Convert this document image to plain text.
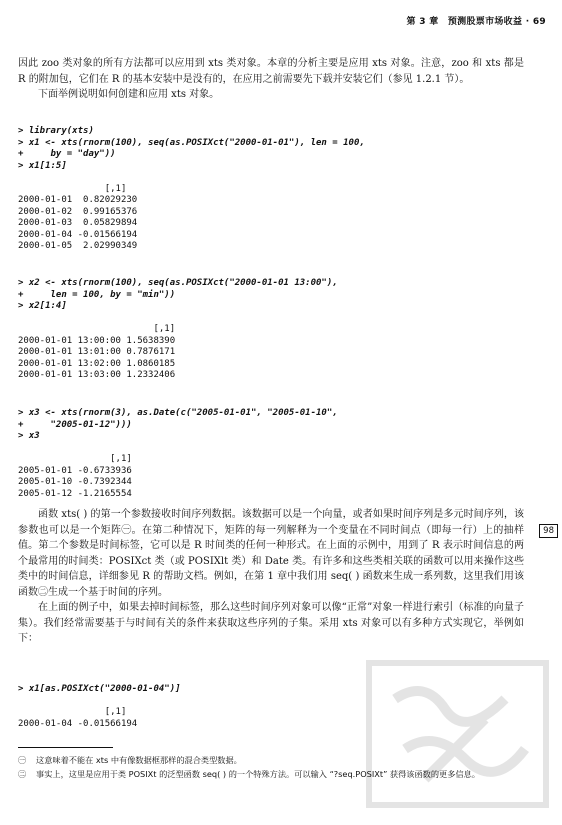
第 3 章　预测股票市场收益 · 69

因此 zoo 类对象的所有方法都可以应用到 xts 类对象。本章的分析主要是应用 xts 对象。注意，zoo 和 xts 都是 R 的附加包，它们在 R 的基本安装中是没有的，在应用之前需要先下载并安装它们（参见 1.2.1 节）。

下面举例说明如何创建和应用 xts 对象。

> library(xts)
> x1 <- xts(rnorm(100), seq(as.POSIXct("2000-01-01"), len = 100,
+     by = "day"))
> x1[1:5]

[,1]
2000-01-01  0.82029230
2000-01-02  0.99165376
2000-01-03  0.05829894
2000-01-04 -0.01566194
2000-01-05  2.02990349
> x2 <- xts(rnorm(100), seq(as.POSIXct("2000-01-01 13:00"),
+     len = 100, by = "min"))
> x2[1:4]

[,1]
2000-01-01 13:00:00 1.5638390
2000-01-01 13:01:00 0.7876171
2000-01-01 13:02:00 1.0860185
2000-01-01 13:03:00 1.2332406
> x3 <- xts(rnorm(3), as.Date(c("2005-01-01", "2005-01-10",
+     "2005-01-12")))
> x3

[,1]
2005-01-01 -0.6733936
2005-01-10 -0.7392344
2005-01-12 -1.2165554

函数 xts( ) 的第一个参数接收时间序列数据。该数据可以是一个向量，或者如果时间序列是多元时间序列，该参数也可以是一个矩阵㊀。在第二种情况下，矩阵的每一列解释为一个变量在不同时间点（即每一行）上的抽样值。第二个参数是时间标签，它可以是 R 时间类的任何一种形式。在上面的示例中，用到了 R 表示时间信息的两个最常用的时间类：POSIXct 类（或 POSIXlt 类）和 Date 类。有许多和这些类相关联的函数可以用来操作这些类中的时间信息，详细参见 R 的帮助文档。例如，在第 1 章中我们用 seq( ) 函数来生成一系列数，这里我们用该函数㊁生成一个基于时间的序列。

在上面的例子中，如果去掉时间标签，那么这些时间序列对象可以像“正常”对象一样进行索引（标准的向量子集）。我们经常需要基于与时间有关的条件来获取这些序列的子集。采用 xts 对象可以有多种方式实现它，举例如下：

98
> x1[as.POSIXct("2000-01-04")]

[,1]
2000-01-04 -0.01566194
㊀	这意味着不能在 xts 中有像数据框那样的混合类型数据。
㊁	事实上，这里是应用于类 POSIXt 的泛型函数 seq( ) 的一个特殊方法。可以输入 “?seq.POSIXt” 获得该函数的更多信息。
